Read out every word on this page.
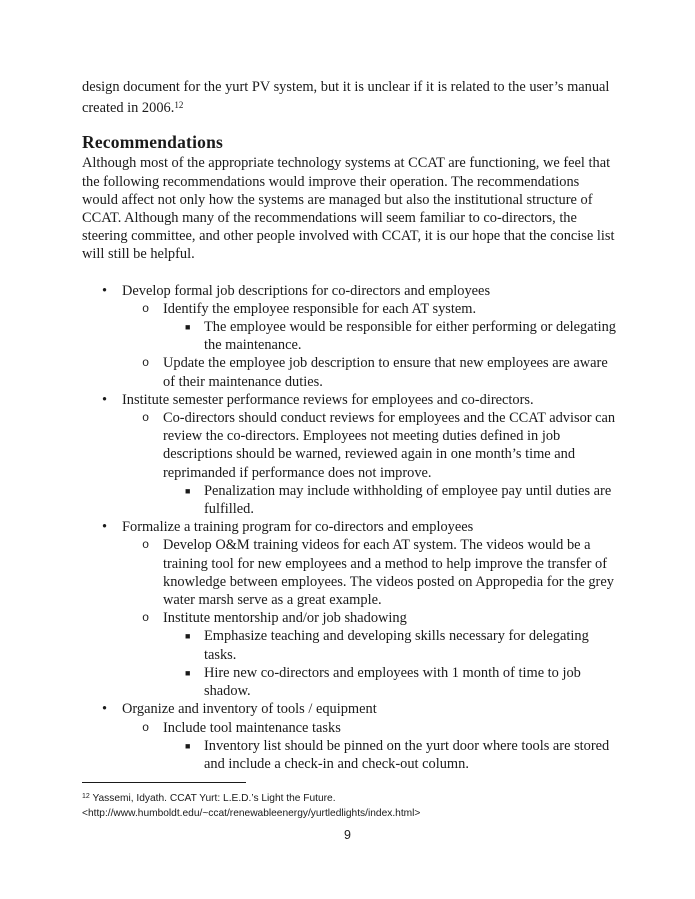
design document for the yurt PV system, but it is unclear if it is related to the user’s manual created in 2006.12

Recommendations

Although most of the appropriate technology systems at CCAT are functioning, we feel that the following recommendations would improve their operation. The recommendations would affect not only how the systems are managed but also the institutional structure of CCAT. Although many of the recommendations will seem familiar to co-directors, the steering committee, and other people involved with CCAT, it is our hope that the concise list will still be helpful.

•	Develop formal job descriptions for co-directors and employees
o Identify the employee responsible for each AT system.
■ The employee would be responsible for either performing or delegating the maintenance.
o Update the employee job description to ensure that new employees are aware of their maintenance duties.
•	Institute semester performance reviews for employees and co-directors.
o Co-directors should conduct reviews for employees and the CCAT advisor can review the co-directors. Employees not meeting duties defined in job descriptions should be warned, reviewed again in one month’s time and reprimanded if performance does not improve.
■ Penalization may include withholding of employee pay until duties are fulfilled.
•	Formalize a training program for co-directors and employees
o Develop O&M training videos for each AT system. The videos would be a training tool for new employees and a method to help improve the transfer of knowledge between employees. The videos posted on Appropedia for the grey water marsh serve as a great example.
o Institute mentorship and/or job shadowing
■ Emphasize teaching and developing skills necessary for delegating tasks.
■ Hire new co-directors and employees with 1 month of time to job shadow.
•	Organize and inventory of tools / equipment
o Include tool maintenance tasks
■ Inventory list should be pinned on the yurt door where tools are stored and include a check-in and check-out column.
$^{12}$ Yassemi, Idyath. CCAT Yurt: L.E.D.’s Light the Future.
<http://www.humboldt.edu/~ccat/renewableenergy/yurtledlights/index.html>
9
